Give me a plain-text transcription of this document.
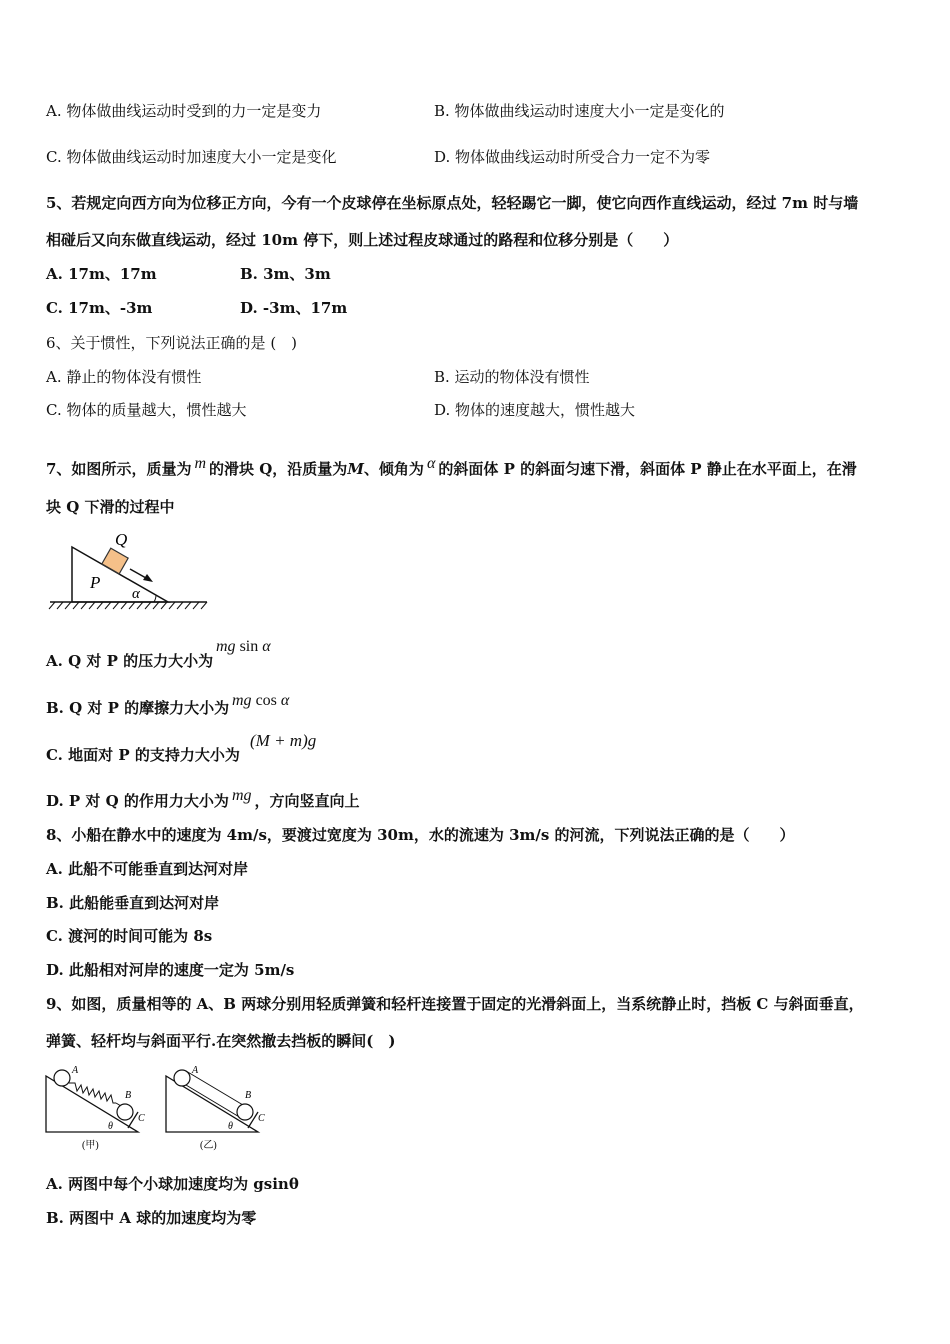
A. 物体做曲线运动时受到的力一定是变力	B. 物体做曲线运动时速度大小一定是变化的
C. 物体做曲线运动时加速度大小一定是变化	D. 物体做曲线运动时所受合力一定不为零
5、若规定向西方向为位移正方向，今有一个皮球停在坐标原点处，轻轻踢它一脚，使它向西作直线运动，经过 7m 时与墙
相碰后又向东做直线运动，经过 10m 停下，则上述过程皮球通过的路程和位移分别是（　　）
A. 17m、17m	B. 3m、3m
C. 17m、-3m	D. -3m、17m
6、关于惯性，下列说法正确的是 (　)
A. 静止的物体没有惯性	B. 运动的物体没有惯性
C. 物体的质量越大，惯性越大	D. 物体的速度越大，惯性越大
7、如图所示，质量为 m 的滑块 Q，沿质量为M、倾角为 α 的斜面体 P 的斜面匀速下滑，斜面体 P 静止在水平面上，在滑
块 Q 下滑的过程中
Q
P
α
A. Q 对 P 的压力大小为
mg sin α
B. Q 对 P 的摩擦力大小为 mg cos α
C. 地面对 P 的支持力大小为
(M + m)g
D. P 对 Q 的作用力大小为 mg ，方向竖直向上
8、小船在静水中的速度为 4m/s，要渡过宽度为 30m，水的流速为 3m/s 的河流，下列说法正确的是（　　）
A. 此船不可能垂直到达河对岸
B. 此船能垂直到达河对岸
C. 渡河的时间可能为 8s
D. 此船相对河岸的速度一定为 5m/s
9、如图，质量相等的 A、B 两球分别用轻质弹簧和轻杆连接置于固定的光滑斜面上，当系统静止时，挡板 C 与斜面垂直，
弹簧、轻杆均与斜面平行.在突然撤去挡板的瞬间(　)
A
B
C
θ
(甲)
A
B
C
θ
(乙)
A. 两图中每个小球加速度均为 gsinθ
B. 两图中 A 球的加速度均为零
